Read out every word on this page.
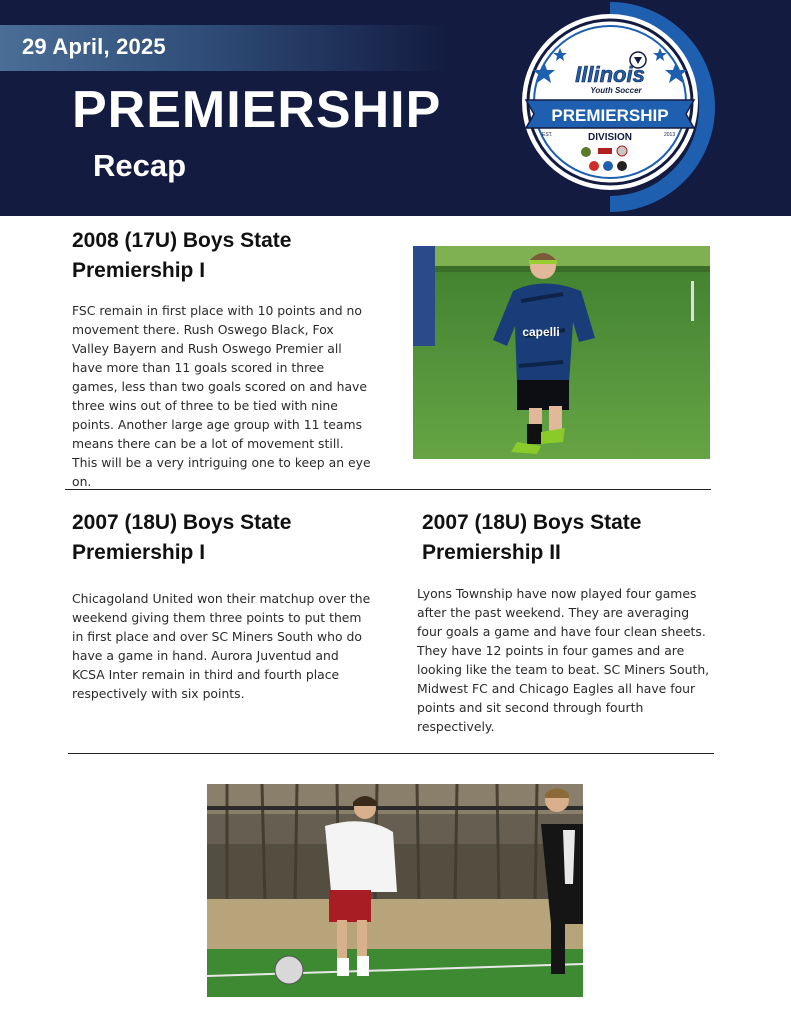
29 April, 2025
PREMIERSHIP
Recap
Illinois
Youth Soccer
PREMIERSHIP
EST.	2013
DIVISION
2008 (17U) Boys State
Premiership I

FSC remain in first place with 10 points and no movement there. Rush Oswego Black, Fox Valley Bayern and Rush Oswego Premier all have more than 11 goals scored in three games, less than two goals scored on and have three wins out of three to be tied with nine points. Another large age group with 11 teams means there can be a lot of movement still. This will be a very intriguing one to keep an eye on.

capelli
2007 (18U) Boys State
Premiership I

Chicagoland United won their matchup over the weekend giving them three points to put them in first place and over SC Miners South who do have a game in hand. Aurora Juventud and KCSA Inter remain in third and fourth place respectively with six points.

2007 (18U) Boys State
Premiership II

Lyons Township have now played four games after the past weekend. They are averaging four goals a game and have four clean sheets. They have 12 points in four games and are looking like the team to beat. SC Miners South, Midwest FC and Chicago Eagles all have four points and sit second through fourth respectively.
